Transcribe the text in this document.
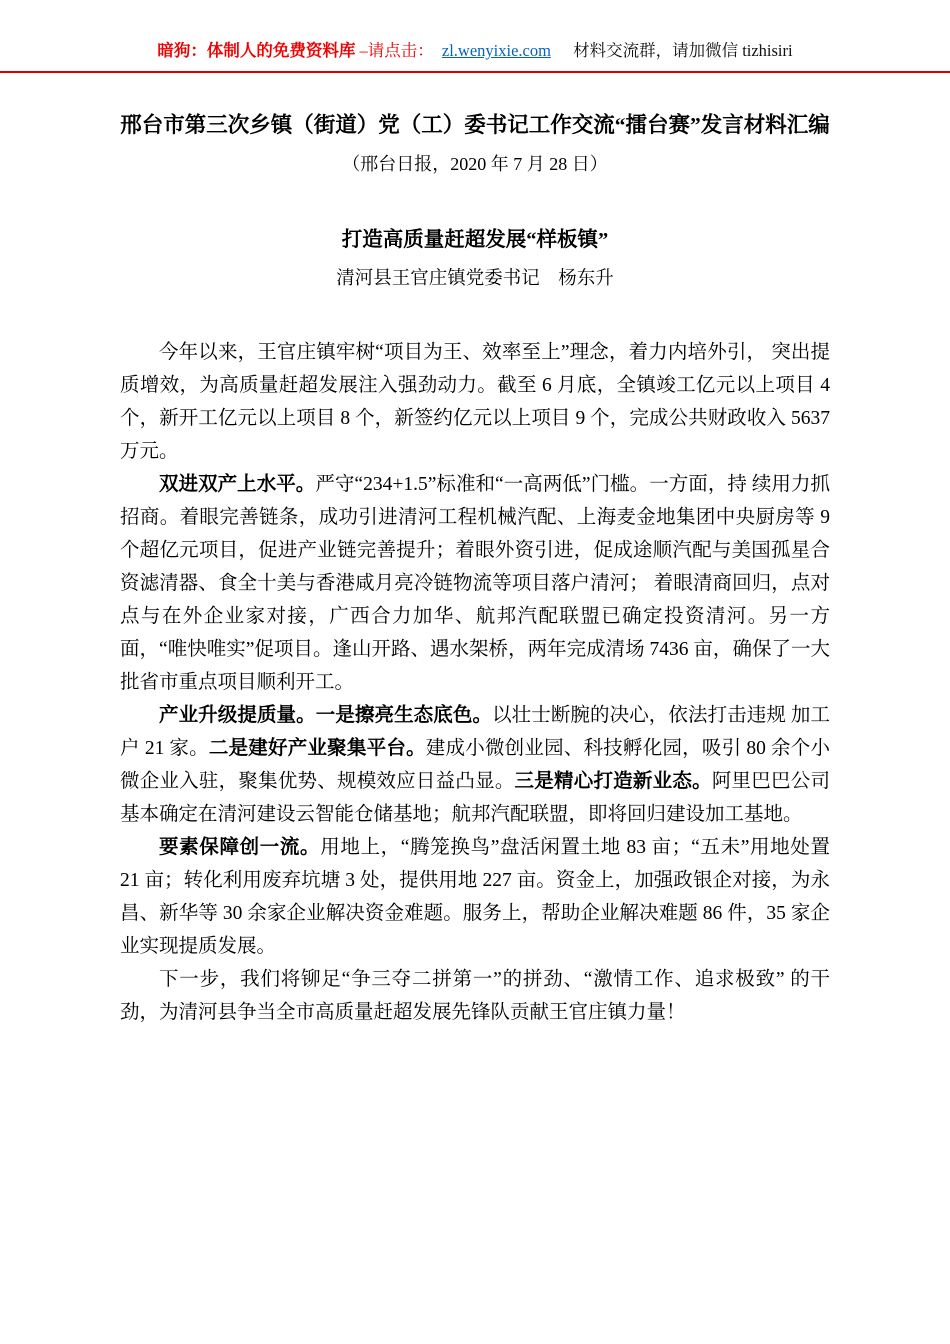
暗狗：体制人的免费资料库 –请点击： zl.wenyixie.com 材料交流群，请加微信 tizhisiri
邢台市第三次乡镇（街道）党（工）委书记工作交流“擂台赛”发言材料汇编

（邢台日报，2020 年 7 月 28 日）

打造高质量赶超发展“样板镇”

清河县王官庄镇党委书记　杨东升

今年以来，王官庄镇牢树“项目为王、效率至上”理念，着力内培外引， 突出提质增效，为高质量赶超发展注入强劲动力。截至 6 月底，全镇竣工亿元以上项目 4 个，新开工亿元以上项目 8 个，新签约亿元以上项目 9 个，完成公共财政收入 5637 万元。

双进双产上水平。严守“234+1.5”标准和“一高两低”门槛。一方面，持 续用力抓招商。着眼完善链条，成功引进清河工程机械汽配、上海麦金地集团中央厨房等 9 个超亿元项目，促进产业链完善提升；着眼外资引进，促成途顺汽配与美国孤星合资滤清器、食全十美与香港咸月亮冷链物流等项目落户清河； 着眼清商回归，点对点与在外企业家对接，广西合力加华、航邦汽配联盟已确定投资清河。另一方面，“唯快唯实”促项目。逢山开路、遇水架桥，两年完成清场 7436 亩，确保了一大批省市重点项目顺利开工。

产业升级提质量。一是擦亮生态底色。以壮士断腕的决心，依法打击违规 加工户 21 家。二是建好产业聚集平台。建成小微创业园、科技孵化园，吸引 80 余个小微企业入驻，聚集优势、规模效应日益凸显。三是精心打造新业态。阿里巴巴公司基本确定在清河建设云智能仓储基地；航邦汽配联盟，即将回归建设加工基地。

要素保障创一流。用地上，“腾笼换鸟”盘活闲置土地 83 亩；“五未”用地处置 21 亩；转化利用废弃坑塘 3 处，提供用地 227 亩。资金上，加强政银企对接，为永昌、新华等 30 余家企业解决资金难题。服务上，帮助企业解决难题 86 件，35 家企业实现提质发展。

下一步，我们将铆足“争三夺二拼第一”的拼劲、“激情工作、追求极致” 的干劲，为清河县争当全市高质量赶超发展先锋队贡献王官庄镇力量！
